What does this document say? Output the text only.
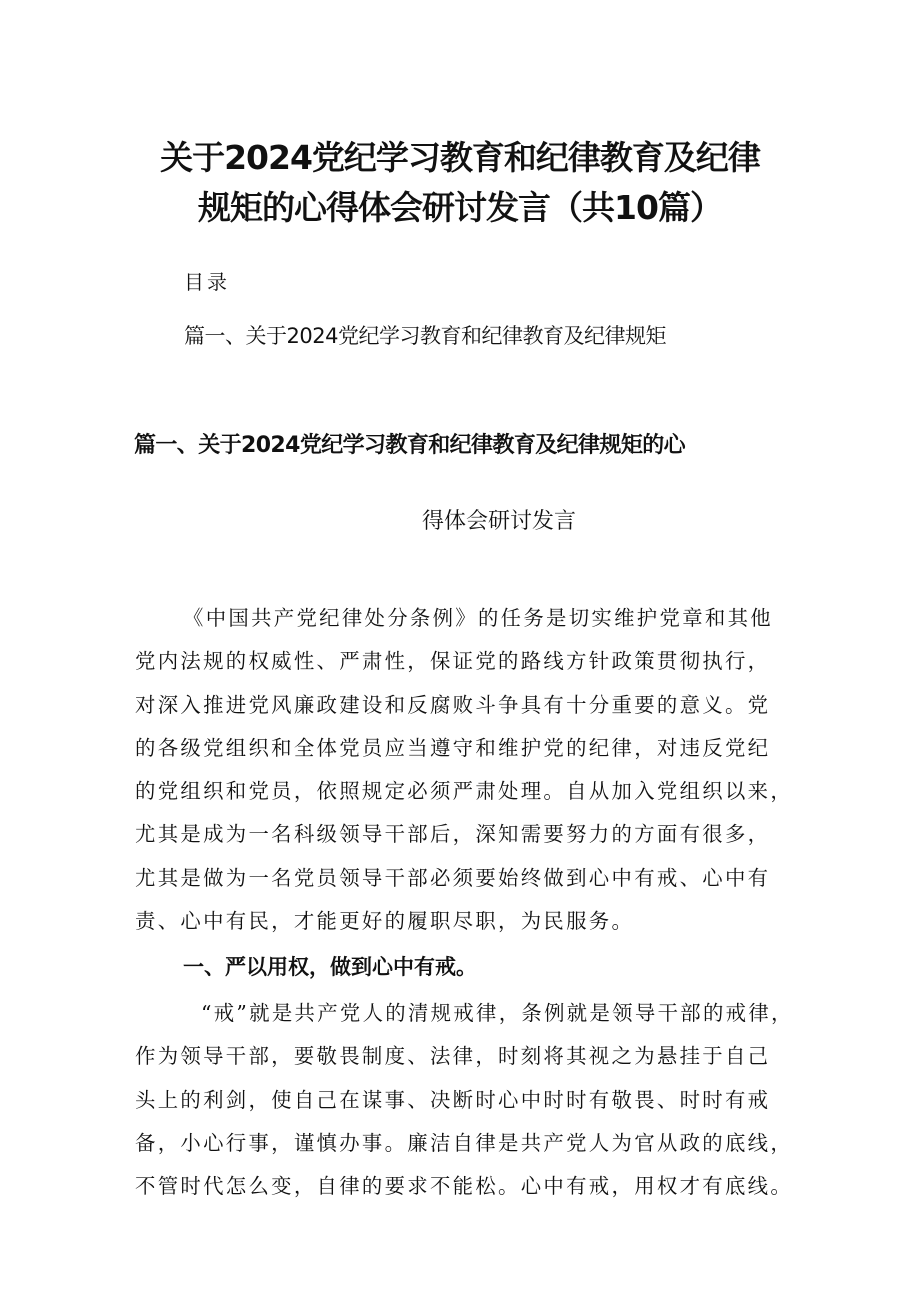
关于2024党纪学习教育和纪律教育及纪律
规矩的心得体会研讨发言（共10篇）
目录
篇一、关于2024党纪学习教育和纪律教育及纪律规矩
篇一、关于2024党纪学习教育和纪律教育及纪律规矩的心
得体会研讨发言

《中国共产党纪律处分条例》的任务是切实维护党章和其他
党内法规的权威性、严肃性，保证党的路线方针政策贯彻执行，
对深入推进党风廉政建设和反腐败斗争具有十分重要的意义。党
的各级党组织和全体党员应当遵守和维护党的纪律，对违反党纪
的党组织和党员，依照规定必须严肃处理。自从加入党组织以来，
尤其是成为一名科级领导干部后，深知需要努力的方面有很多，
尤其是做为一名党员领导干部必须要始终做到心中有戒、心中有
责、心中有民，才能更好的履职尽职，为民服务。

一、严以用权，做到心中有戒。

“戒”就是共产党人的清规戒律，条例就是领导干部的戒律，
作为领导干部，要敬畏制度、法律，时刻将其视之为悬挂于自己
头上的利剑，使自己在谋事、决断时心中时时有敬畏、时时有戒
备，小心行事，谨慎办事。廉洁自律是共产党人为官从政的底线，
不管时代怎么变，自律的要求不能松。心中有戒，用权才有底线。
